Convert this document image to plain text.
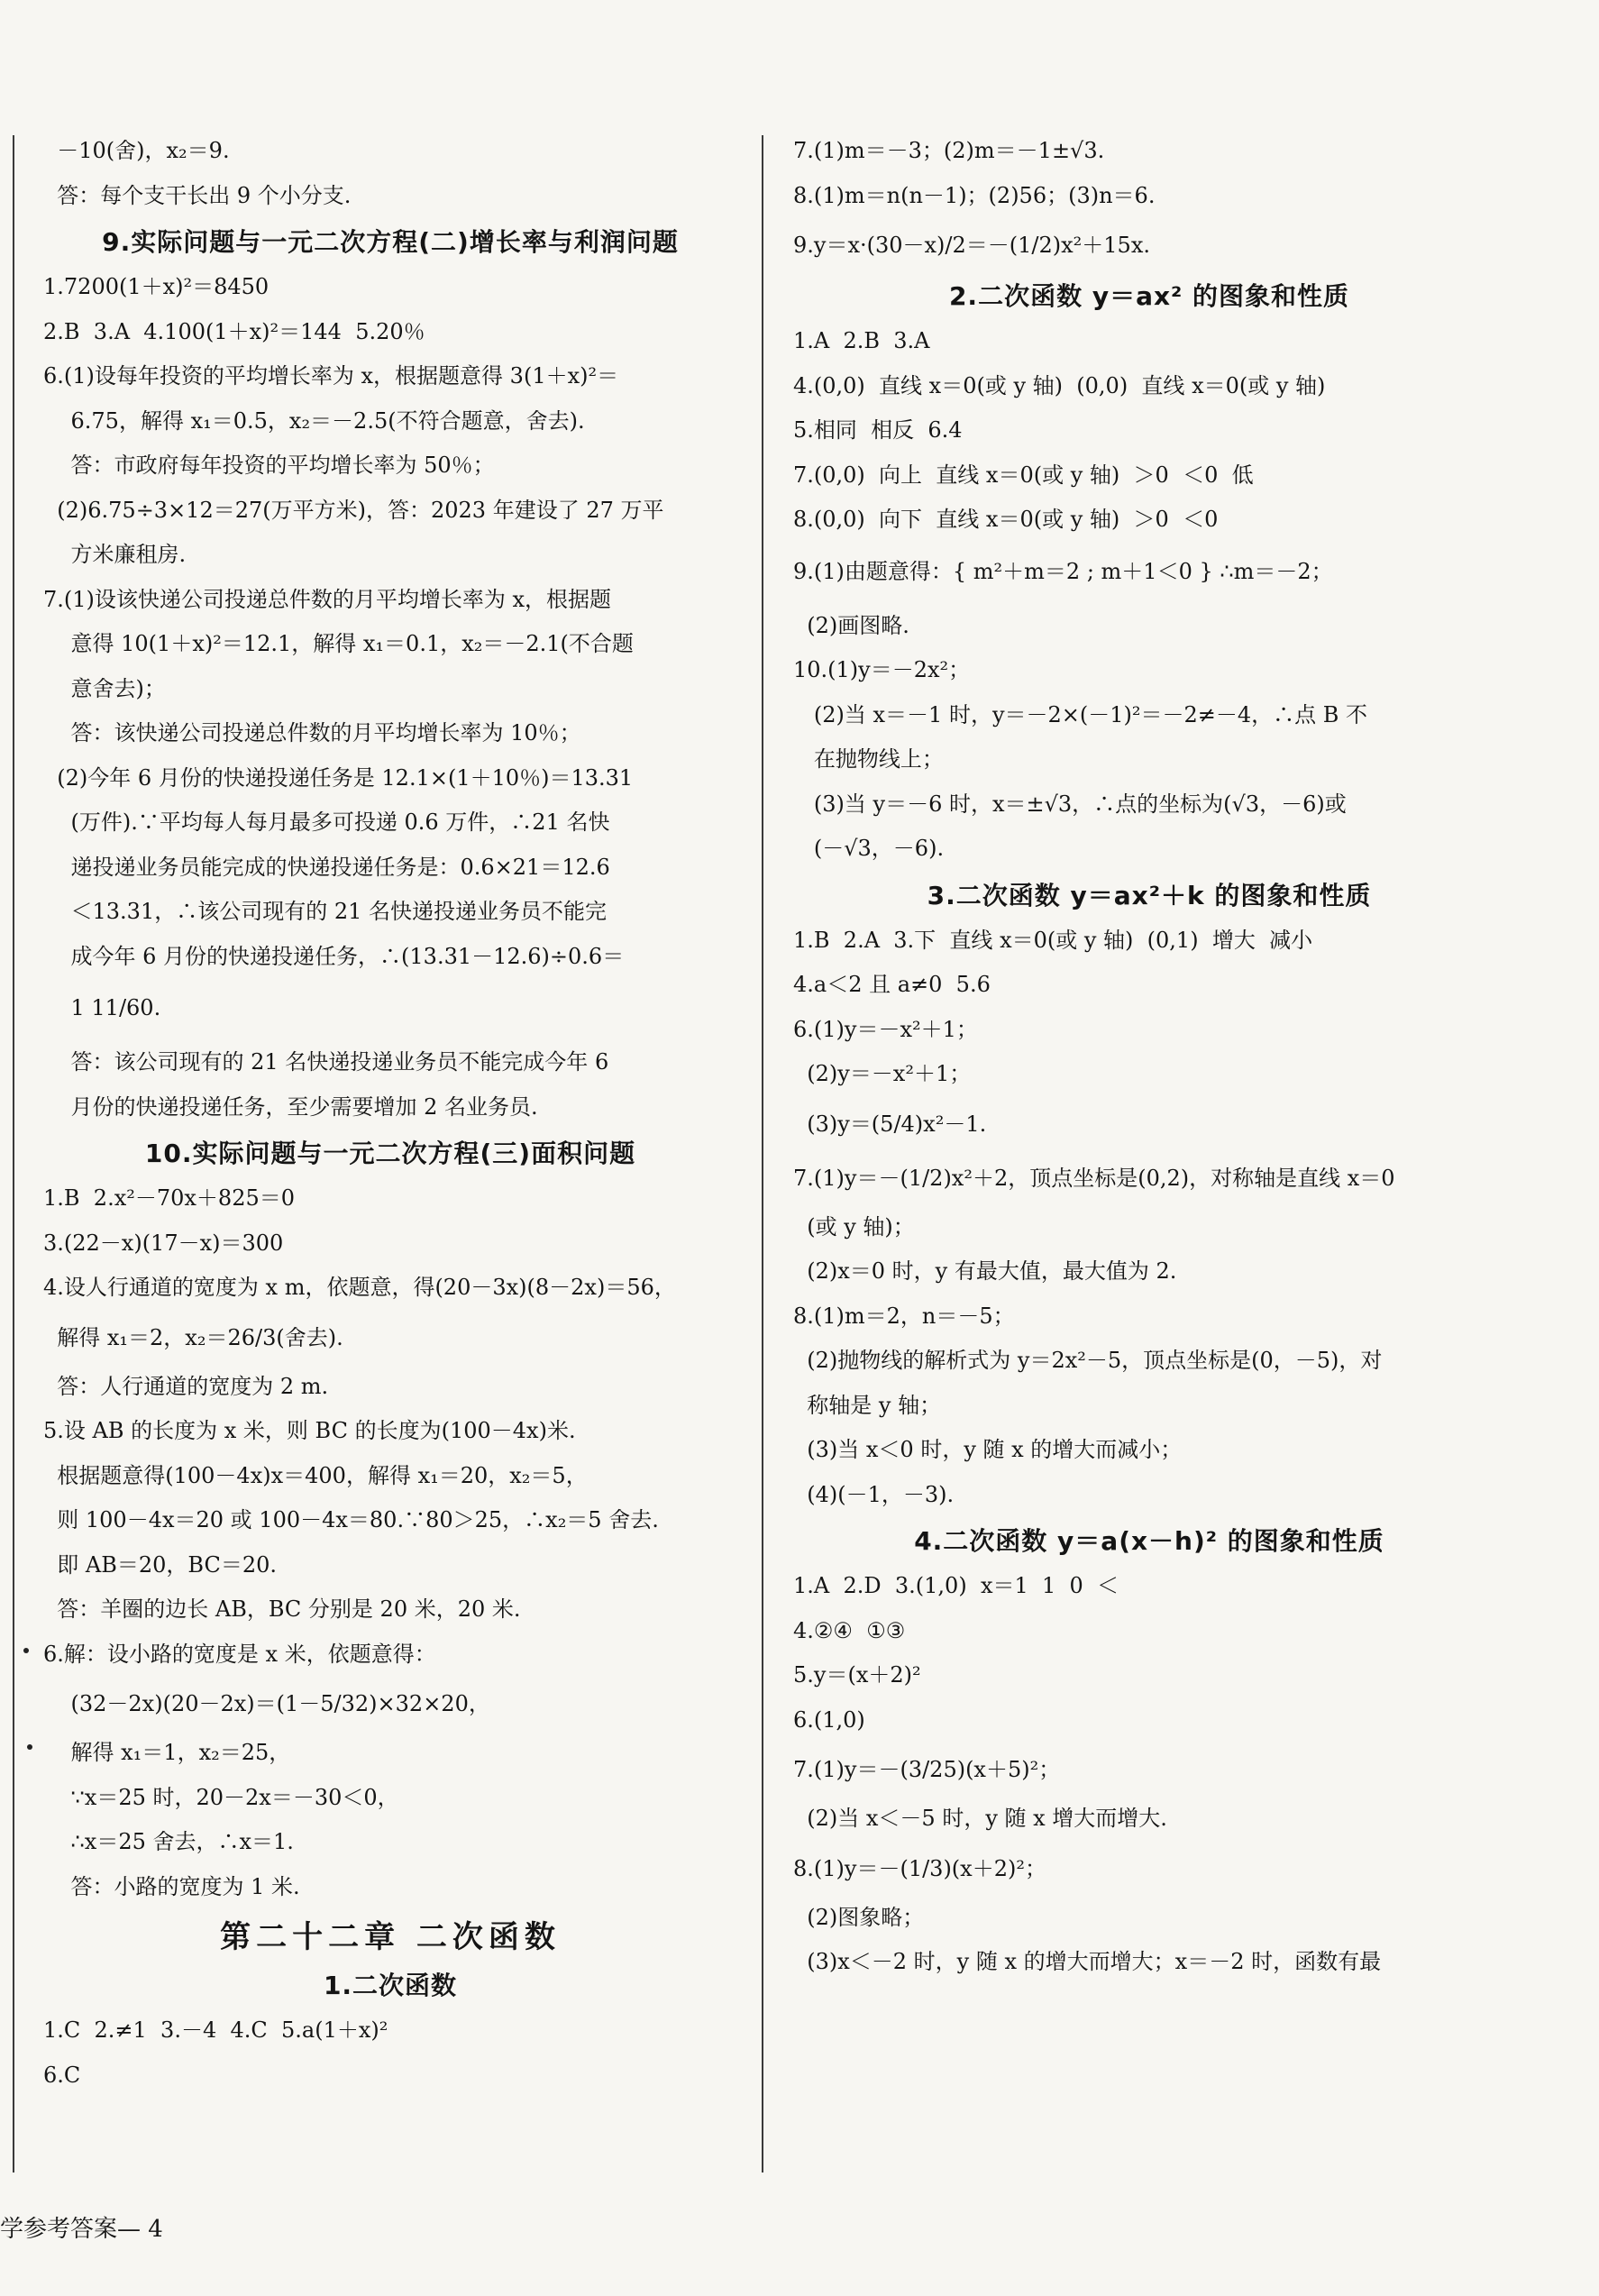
－10(舍)，x₂＝9.
答：每个支干长出 9 个小分支.
9.实际问题与一元二次方程(二)增长率与利润问题
1.7200(1＋x)²＝8450
2.B  3.A  4.100(1＋x)²＝144  5.20％
6.(1)设每年投资的平均增长率为 x，根据题意得 3(1＋x)²＝
6.75，解得 x₁＝0.5，x₂＝－2.5(不符合题意，舍去).
答：市政府每年投资的平均增长率为 50％；
(2)6.75÷3×12＝27(万平方米)，答：2023 年建设了 27 万平
方米廉租房.
7.(1)设该快递公司投递总件数的月平均增长率为 x，根据题
意得 10(1＋x)²＝12.1，解得 x₁＝0.1，x₂＝－2.1(不合题
意舍去)；
答：该快递公司投递总件数的月平均增长率为 10％；
(2)今年 6 月份的快递投递任务是 12.1×(1＋10％)＝13.31
(万件).∵平均每人每月最多可投递 0.6 万件，∴21 名快
递投递业务员能完成的快递投递任务是：0.6×21＝12.6
＜13.31，∴该公司现有的 21 名快递投递业务员不能完
成今年 6 月份的快递投递任务，∴(13.31－12.6)÷0.6＝
1 11/60.
答：该公司现有的 21 名快递投递业务员不能完成今年 6
月份的快递投递任务，至少需要增加 2 名业务员.
10.实际问题与一元二次方程(三)面积问题
1.B  2.x²－70x＋825＝0
3.(22－x)(17－x)＝300
4.设人行通道的宽度为 x m，依题意，得(20－3x)(8－2x)＝56，
解得 x₁＝2，x₂＝26/3(舍去).
答：人行通道的宽度为 2 m.
5.设 AB 的长度为 x 米，则 BC 的长度为(100－4x)米.
根据题意得(100－4x)x＝400，解得 x₁＝20，x₂＝5，
则 100－4x＝20 或 100－4x＝80.∵80＞25，∴x₂＝5 舍去.
即 AB＝20，BC＝20.
答：羊圈的边长 AB，BC 分别是 20 米，20 米.
6.解：设小路的宽度是 x 米，依题意得：
(32－2x)(20－2x)＝(1－5/32)×32×20，
解得 x₁＝1，x₂＝25，
∵x＝25 时，20－2x＝－30＜0，
∴x＝25 舍去，∴x＝1.
答：小路的宽度为 1 米.
第二十二章 二次函数
1.二次函数
1.C  2.≠1  3.－4  4.C  5.a(1＋x)²
6.C
7.(1)m＝－3；(2)m＝－1±√3.
8.(1)m＝n(n－1)；(2)56；(3)n＝6.
9.y＝x·(30－x)/2＝－(1/2)x²＋15x.
2.二次函数 y＝ax² 的图象和性质
1.A  2.B  3.A
4.(0,0)  直线 x＝0(或 y 轴)  (0,0)  直线 x＝0(或 y 轴)
5.相同  相反  6.4
7.(0,0)  向上  直线 x＝0(或 y 轴)  ＞0  ＜0  低
8.(0,0)  向下  直线 x＝0(或 y 轴)  ＞0  ＜0
9.(1)由题意得：{ m²＋m＝2 ; m＋1＜0 } ∴m＝－2；
(2)画图略.
10.(1)y＝－2x²；
(2)当 x＝－1 时，y＝－2×(－1)²＝－2≠－4，∴点 B 不
在抛物线上；
(3)当 y＝－6 时，x＝±√3，∴点的坐标为(√3，－6)或
(－√3，－6).
3.二次函数 y＝ax²＋k 的图象和性质
1.B  2.A  3.下  直线 x＝0(或 y 轴)  (0,1)  增大  减小
4.a＜2 且 a≠0  5.6
6.(1)y＝－x²＋1；
(2)y＝－x²＋1；
(3)y＝(5/4)x²－1.
7.(1)y＝－(1/2)x²＋2，顶点坐标是(0,2)，对称轴是直线 x＝0
(或 y 轴)；
(2)x＝0 时，y 有最大值，最大值为 2.
8.(1)m＝2，n＝－5；
(2)抛物线的解析式为 y＝2x²－5，顶点坐标是(0，－5)，对
称轴是 y 轴；
(3)当 x＜0 时，y 随 x 的增大而减小；
(4)(－1，－3).
4.二次函数 y＝a(x－h)² 的图象和性质
1.A  2.D  3.(1,0)  x＝1  1  0  ＜
4.②④  ①③
5.y＝(x＋2)²
6.(1,0)
7.(1)y＝－(3/25)(x＋5)²；
(2)当 x＜－5 时，y 随 x 增大而增大.
8.(1)y＝－(1/3)(x＋2)²；
(2)图象略；
(3)x＜－2 时，y 随 x 的增大而增大；x＝－2 时，函数有最
学参考答案— 4
